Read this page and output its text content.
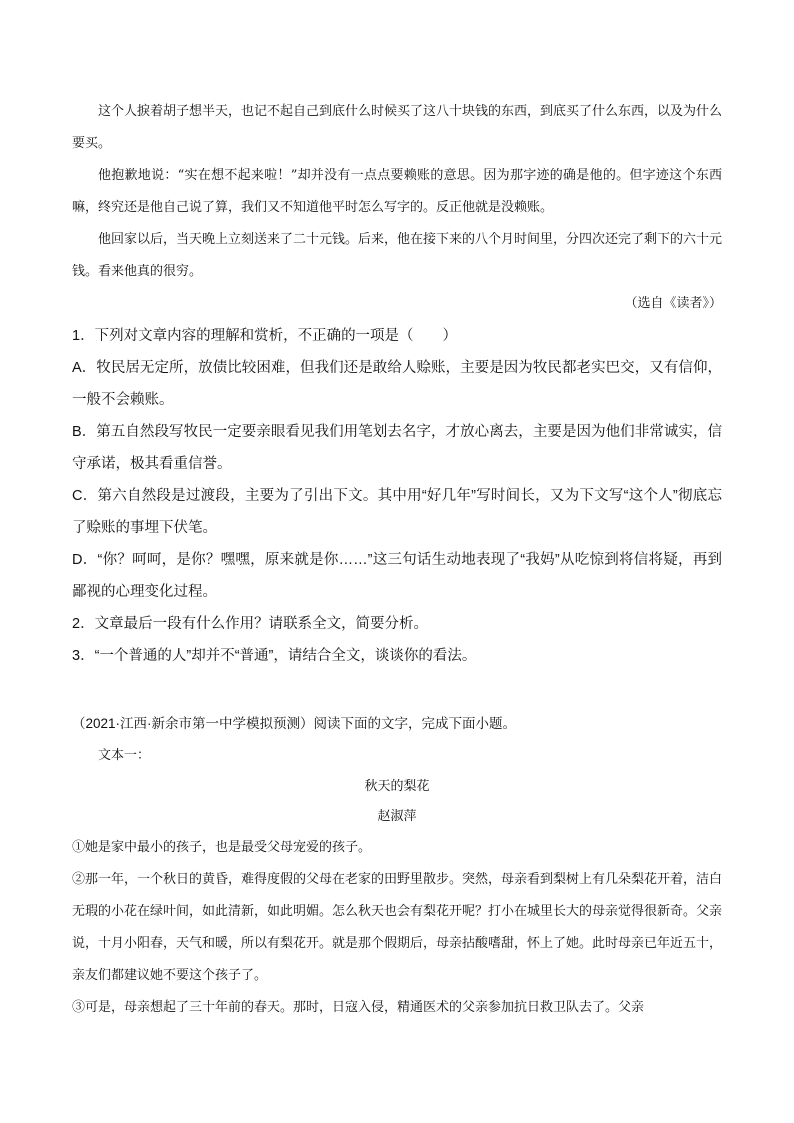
这个人捩着胡子想半天，也记不起自己到底什么时候买了这八十块钱的东西，到底买了什么东西，以及为什么要买。

他抱歉地说：“实在想不起来啦！”却并没有一点点要赖账的意思。因为那字迹的确是他的。但字迹这个东西嘛，终究还是他自己说了算，我们又不知道他平时怎么写字的。反正他就是没赖账。

他回家以后，当天晚上立刻送来了二十元钱。后来，他在接下来的八个月时间里，分四次还完了剩下的六十元钱。看来他真的很穷。

（选自《读者》）

1．下列对文章内容的理解和赏析，不正确的一项是（　　）

A．牧民居无定所，放债比较困难，但我们还是敢给人赊账，主要是因为牧民都老实巴交，又有信仰，一般不会赖账。

B．第五自然段写牧民一定要亲眼看见我们用笔划去名字，才放心离去，主要是因为他们非常诚实，信守承诺，极其看重信誉。

C．第六自然段是过渡段，主要为了引出下文。其中用“好几年”写时间长，又为下文写“这个人”彻底忘了赊账的事埋下伏笔。

D．“你？呵呵，是你？嘿嘿，原来就是你……”这三句话生动地表现了“我妈”从吃惊到将信将疑，再到鄙视的心理变化过程。

2．文章最后一段有什么作用？请联系全文，简要分析。

3．“一个普通的人”却并不“普通”，请结合全文，谈谈你的看法。

（2021·江西·新余市第一中学模拟预测）阅读下面的文字，完成下面小题。

文本一：

秋天的梨花

赵淑萍

①她是家中最小的孩子，也是最受父母宠爱的孩子。

②那一年，一个秋日的黄昏，难得度假的父母在老家的田野里散步。突然，母亲看到梨树上有几朵梨花开着，洁白无瑕的小花在绿叶间，如此清新，如此明媚。怎么秋天也会有梨花开呢？打小在城里长大的母亲觉得很新奇。父亲说，十月小阳春，天气和暖，所以有梨花开。就是那个假期后，母亲拈酸嗜甜，怀上了她。此时母亲已年近五十，亲友们都建议她不要这个孩子了。

③可是，母亲想起了三十年前的春天。那时，日寇入侵，精通医术的父亲参加抗日救卫队去了。父亲
